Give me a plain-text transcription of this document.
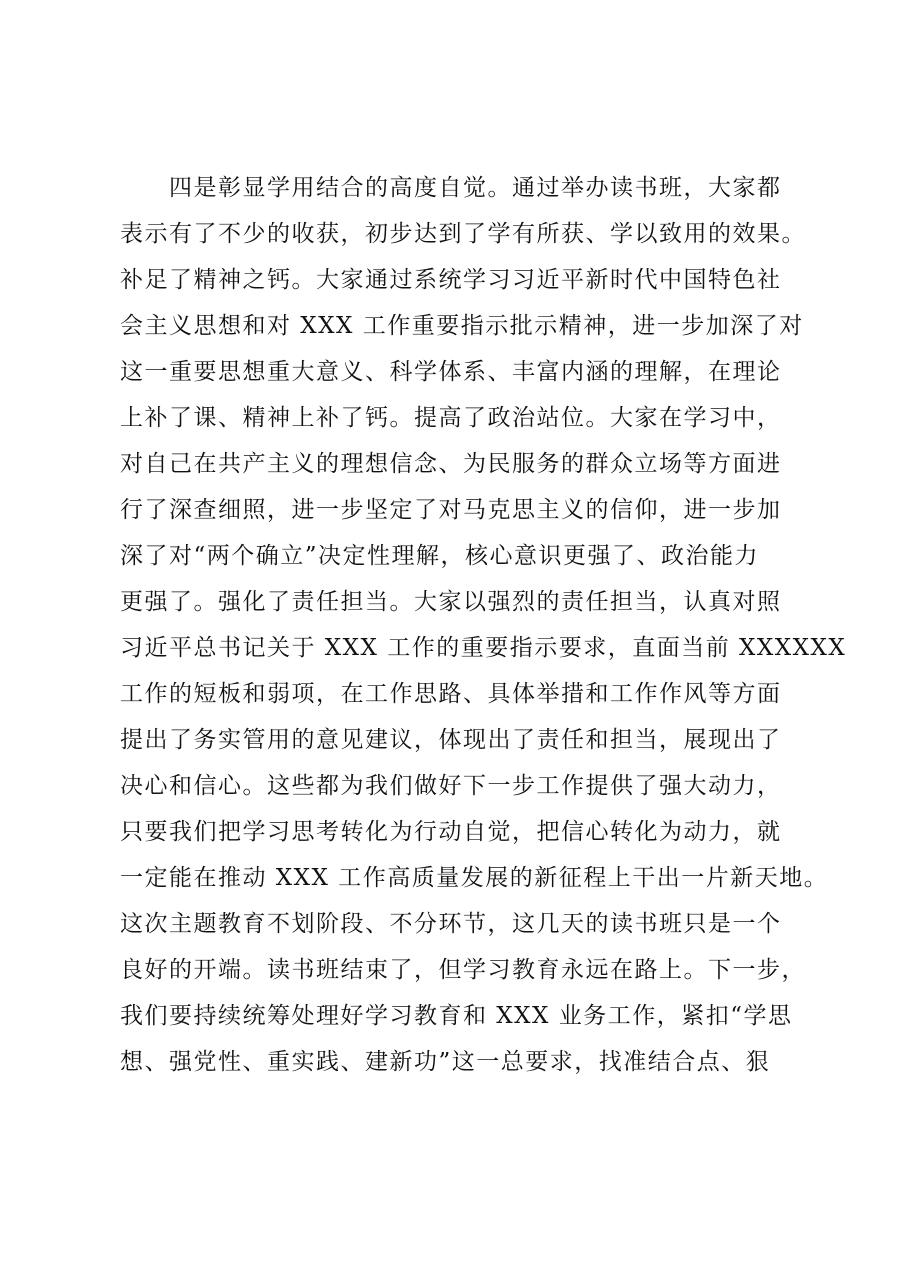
四是彰显学用结合的高度自觉。通过举办读书班，大家都
表示有了不少的收获，初步达到了学有所获、学以致用的效果。
补足了精神之钙。大家通过系统学习习近平新时代中国特色社
会主义思想和对 XXX 工作重要指示批示精神，进一步加深了对
这一重要思想重大意义、科学体系、丰富内涵的理解，在理论
上补了课、精神上补了钙。提高了政治站位。大家在学习中，
对自己在共产主义的理想信念、为民服务的群众立场等方面进
行了深查细照，进一步坚定了对马克思主义的信仰，进一步加
深了对“两个确立”决定性理解，核心意识更强了、政治能力
更强了。强化了责任担当。大家以强烈的责任担当，认真对照
习近平总书记关于 XXX 工作的重要指示要求，直面当前 XXXXXX
工作的短板和弱项，在工作思路、具体举措和工作作风等方面
提出了务实管用的意见建议，体现出了责任和担当，展现出了
决心和信心。这些都为我们做好下一步工作提供了强大动力，
只要我们把学习思考转化为行动自觉，把信心转化为动力，就
一定能在推动 XXX 工作高质量发展的新征程上干出一片新天地。
这次主题教育不划阶段、不分环节，这几天的读书班只是一个
良好的开端。读书班结束了，但学习教育永远在路上。下一步，
我们要持续统筹处理好学习教育和 XXX 业务工作，紧扣“学思
想、强党性、重实践、建新功”这一总要求，找准结合点、狠
